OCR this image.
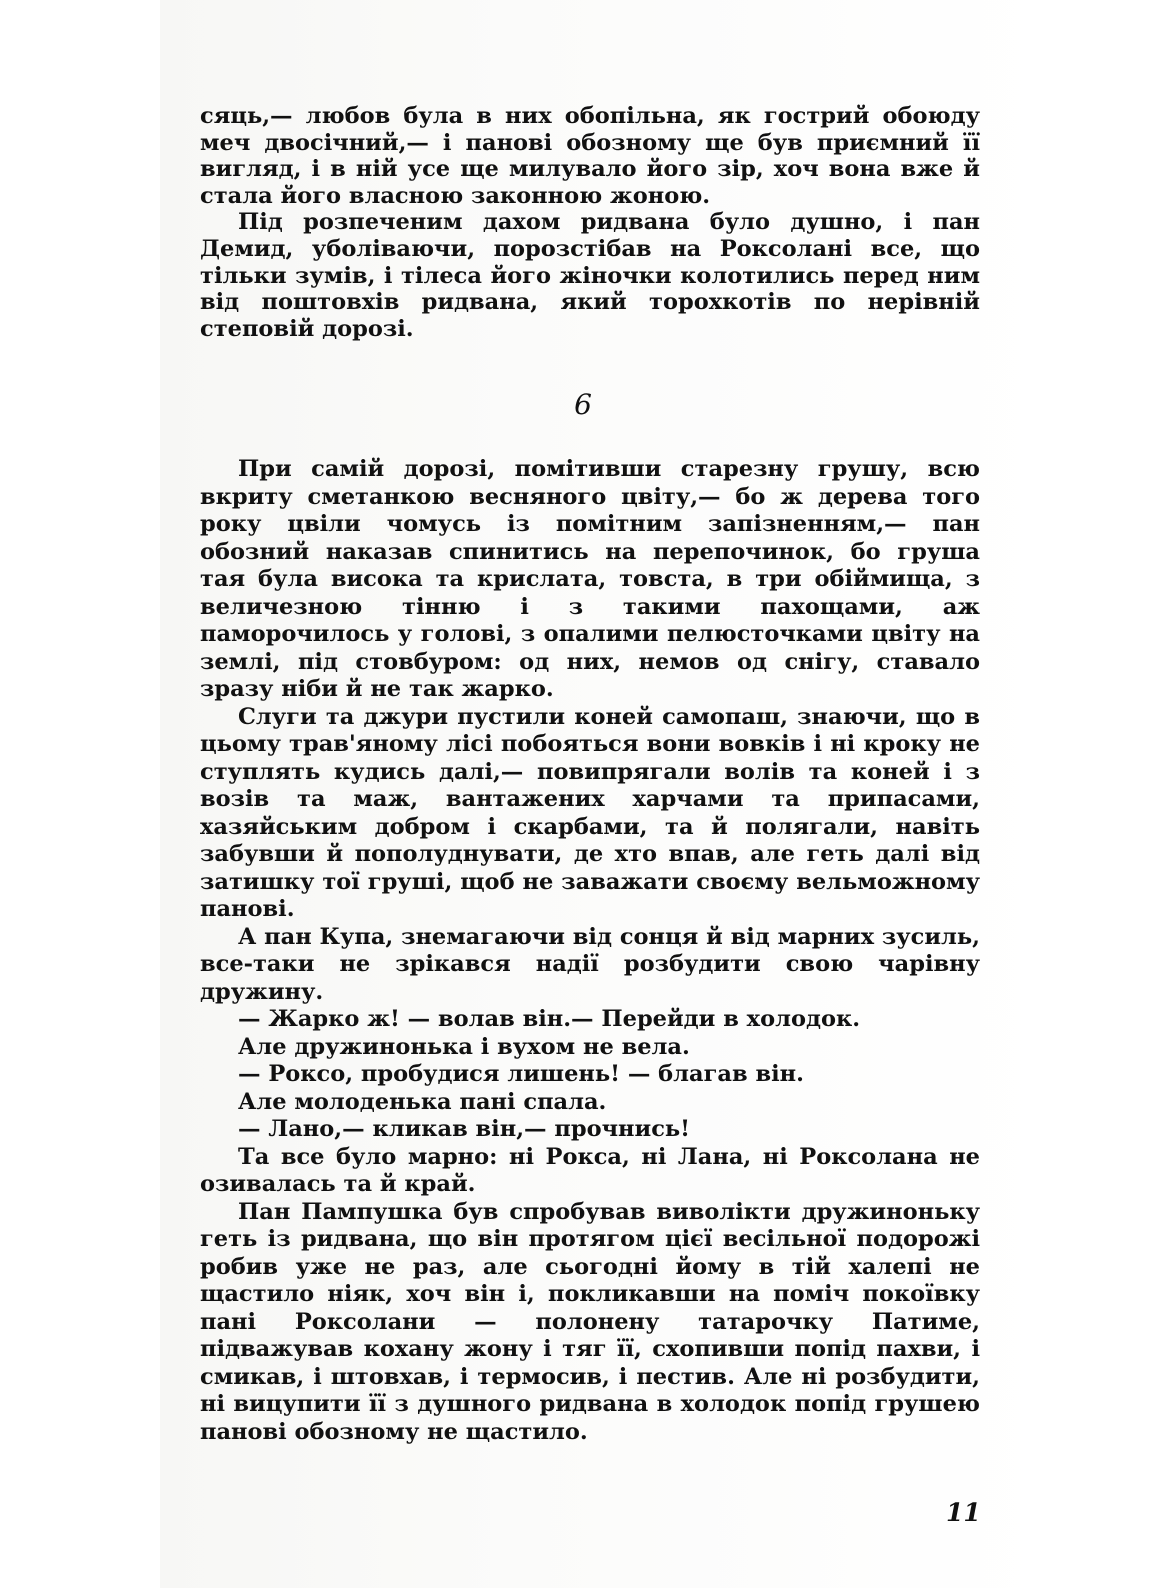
сяць,— любов була в них обопільна, як гострий обоюду меч двосічний,— і панові обозному ще був приємний її вигляд, і в ній усе ще милувало його зір, хоч вона вже й стала його власною законною жоною.

Під розпеченим дахом ридвана було душно, і пан Демид, уболіваючи, порозстібав на Роксолані все, що тільки зумів, і тілеса його жіночки колотились перед ним від поштовхів ридвана, який торохкотів по нерівній степовій дорозі.

6

При самій дорозі, помітивши старезну грушу, всю вкриту сметанкою весняного цвіту,— бо ж дерева того року цвіли чомусь із помітним запізненням,— пан обозний наказав спинитись на перепочинок, бо груша тая була висока та крислата, товста, в три обіймища, з величезною тінню і з такими пахощами, аж паморочилось у голові, з опалими пелюсточками цвіту на землі, під стовбуром: од них, немов од снігу, ставало зразу ніби й не так жарко.

Слуги та джури пустили коней самопаш, знаючи, що в цьому трав'яному лісі побояться вони вовків і ні кроку не ступлять кудись далі,— повипрягали волів та коней і з возів та маж, вантажених харчами та припасами, хазяйським добром і скарбами, та й полягали, навіть забувши й пополуднувати, де хто впав, але геть далі від затишку тої груші, щоб не заважати своєму вельможному панові.

А пан Купа, знемагаючи від сонця й від марних зусиль, все-таки не зрікався надії розбудити свою чарівну дружину.

— Жарко ж! — волав він.— Перейди в холодок.

Але дружинонька і вухом не вела.

— Роксо, пробудися лишень! — благав він.

Але молоденька пані спала.

— Лано,— кликав він,— прочнись!

Та все було марно: ні Рокса, ні Лана, ні Роксолана не озивалась та й край.

Пан Пампушка був спробував виволікти дружиноньку геть із ридвана, що він протягом цієї весільної подорожі робив уже не раз, але сьогодні йому в тій халепі не щастило ніяк, хоч він і, покликавши на поміч покоївку пані Роксолани — полонену татарочку Патиме, підважував кохану жону і тяг її, схопивши попід пахви, і смикав, і штовхав, і термосив, і пестив. Але ні розбудити, ні вицупити її з душного ридвана в холодок попід грушею панові обозному не щастило.

11
